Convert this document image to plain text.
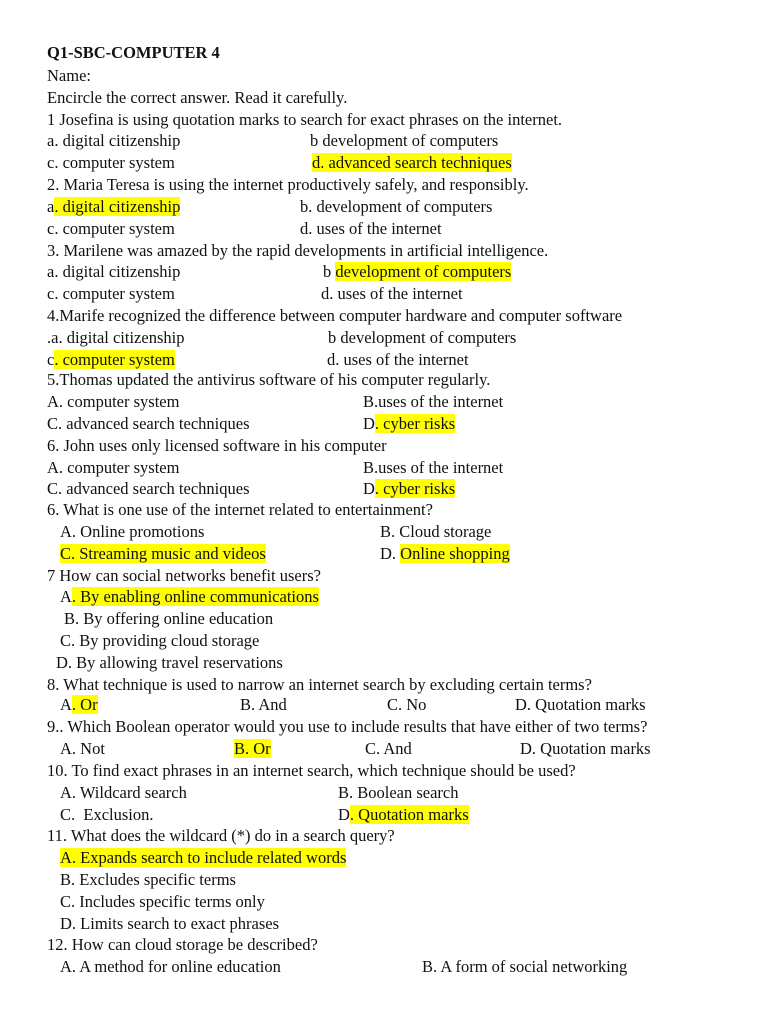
Q1-SBC-COMPUTER 4
Name:
Encircle the correct answer. Read it carefully.
1 Josefina is using quotation marks to search for exact phrases on the internet.
a. digital citizenship	b development of computers
c. computer system	d. advanced search techniques
2. Maria Teresa is using the internet productively safely, and responsibly.
a. digital citizenship	b. development of computers
c. computer system	d. uses of the internet
3. Marilene was amazed by the rapid developments in artificial intelligence.
a. digital citizenship	b development of computers
c. computer system	d. uses of the internet
4.Marife recognized the difference between computer hardware and computer software
.a. digital citizenship	b development of computers
c. computer system	d. uses of the internet
5.Thomas updated the antivirus software of his computer regularly.
A. computer system	B.uses of the internet
C. advanced search techniques	D. cyber risks
6. John uses only licensed software in his computer
A. computer system	B.uses of the internet
C. advanced search techniques	D. cyber risks
6. What is one use of the internet related to entertainment?
A. Online promotions	B. Cloud storage
C. Streaming music and videos	D. Online shopping
7 How can social networks benefit users?
A. By enabling online communications
B. By offering online education
C. By providing cloud storage
D. By allowing travel reservations
8. What technique is used to narrow an internet search by excluding certain terms?
A. Or	B. And	C. No	D. Quotation marks
9.. Which Boolean operator would you use to include results that have either of two terms?
A. Not	B. Or	C. And	D. Quotation marks
10. To find exact phrases in an internet search, which technique should be used?
A. Wildcard search	B. Boolean search
C.  Exclusion.	D. Quotation marks
11. What does the wildcard (*) do in a search query?
A. Expands search to include related words
B. Excludes specific terms
C. Includes specific terms only
D. Limits search to exact phrases
12. How can cloud storage be described?
A. A method for online education	B. A form of social networking
